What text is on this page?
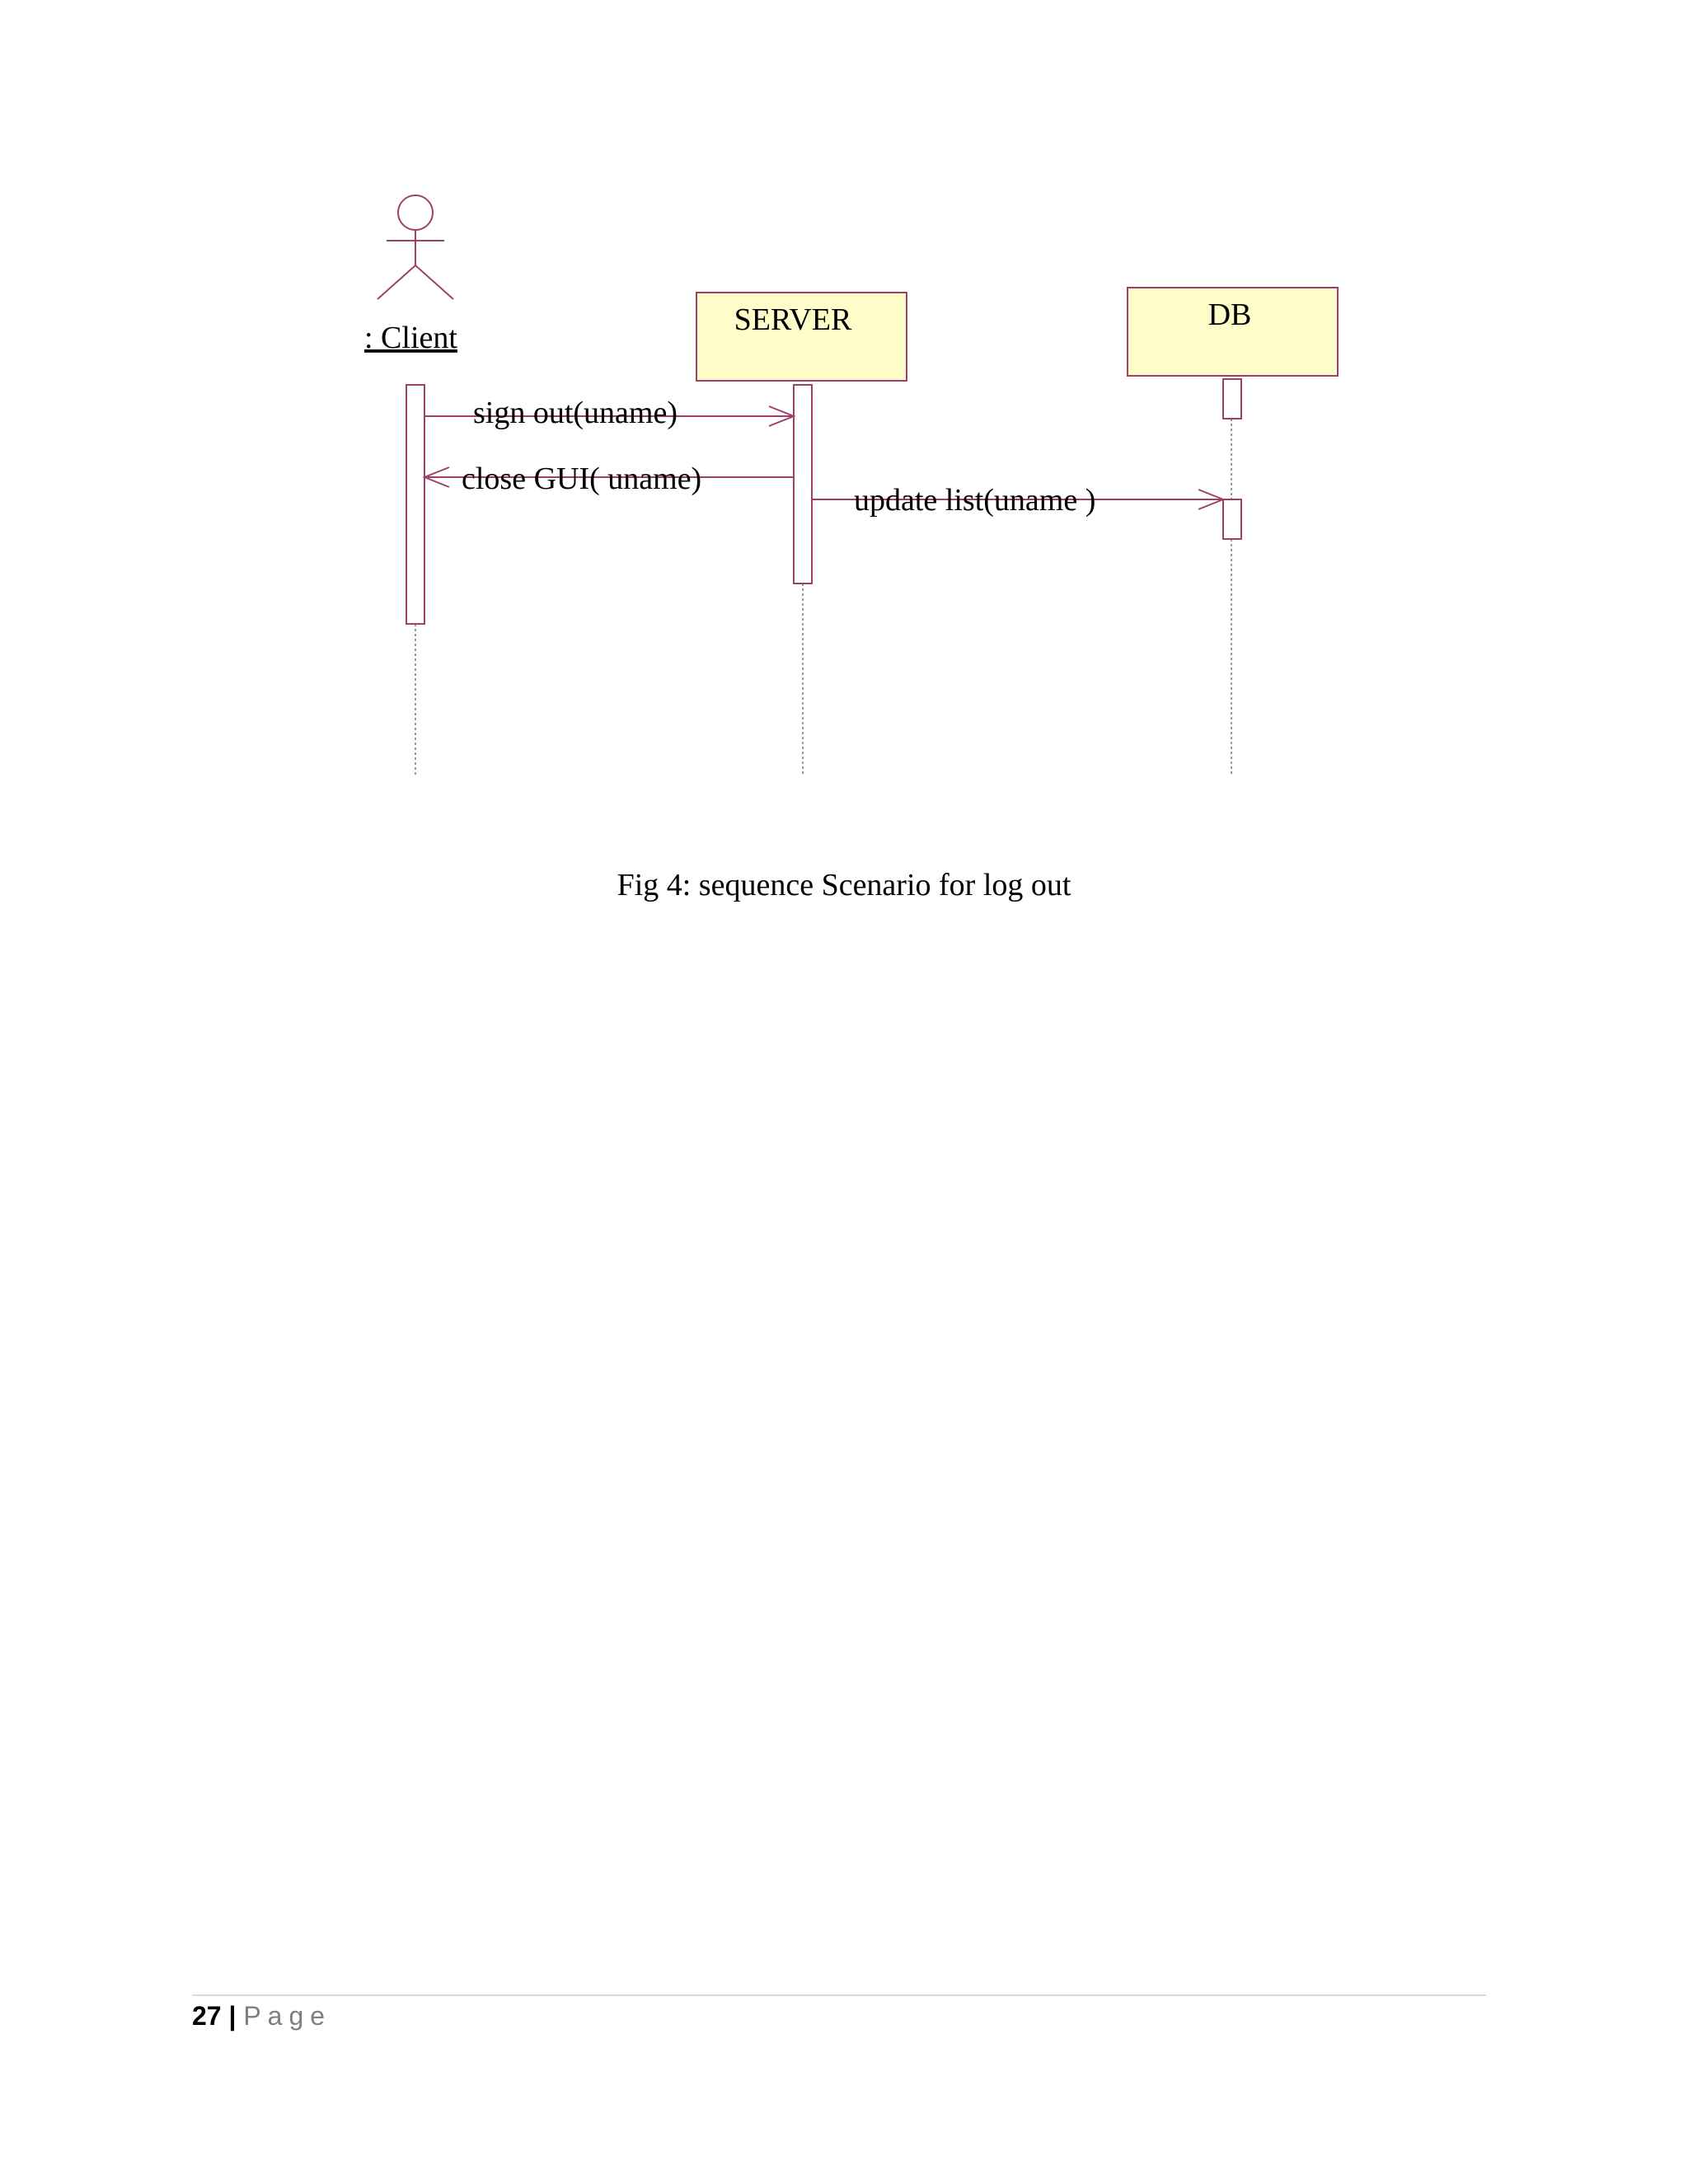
: Client
SERVER	DB
sign out(uname)
close GUI( uname)
update list(uname )
Fig 4: sequence Scenario for log out
27 | Page
